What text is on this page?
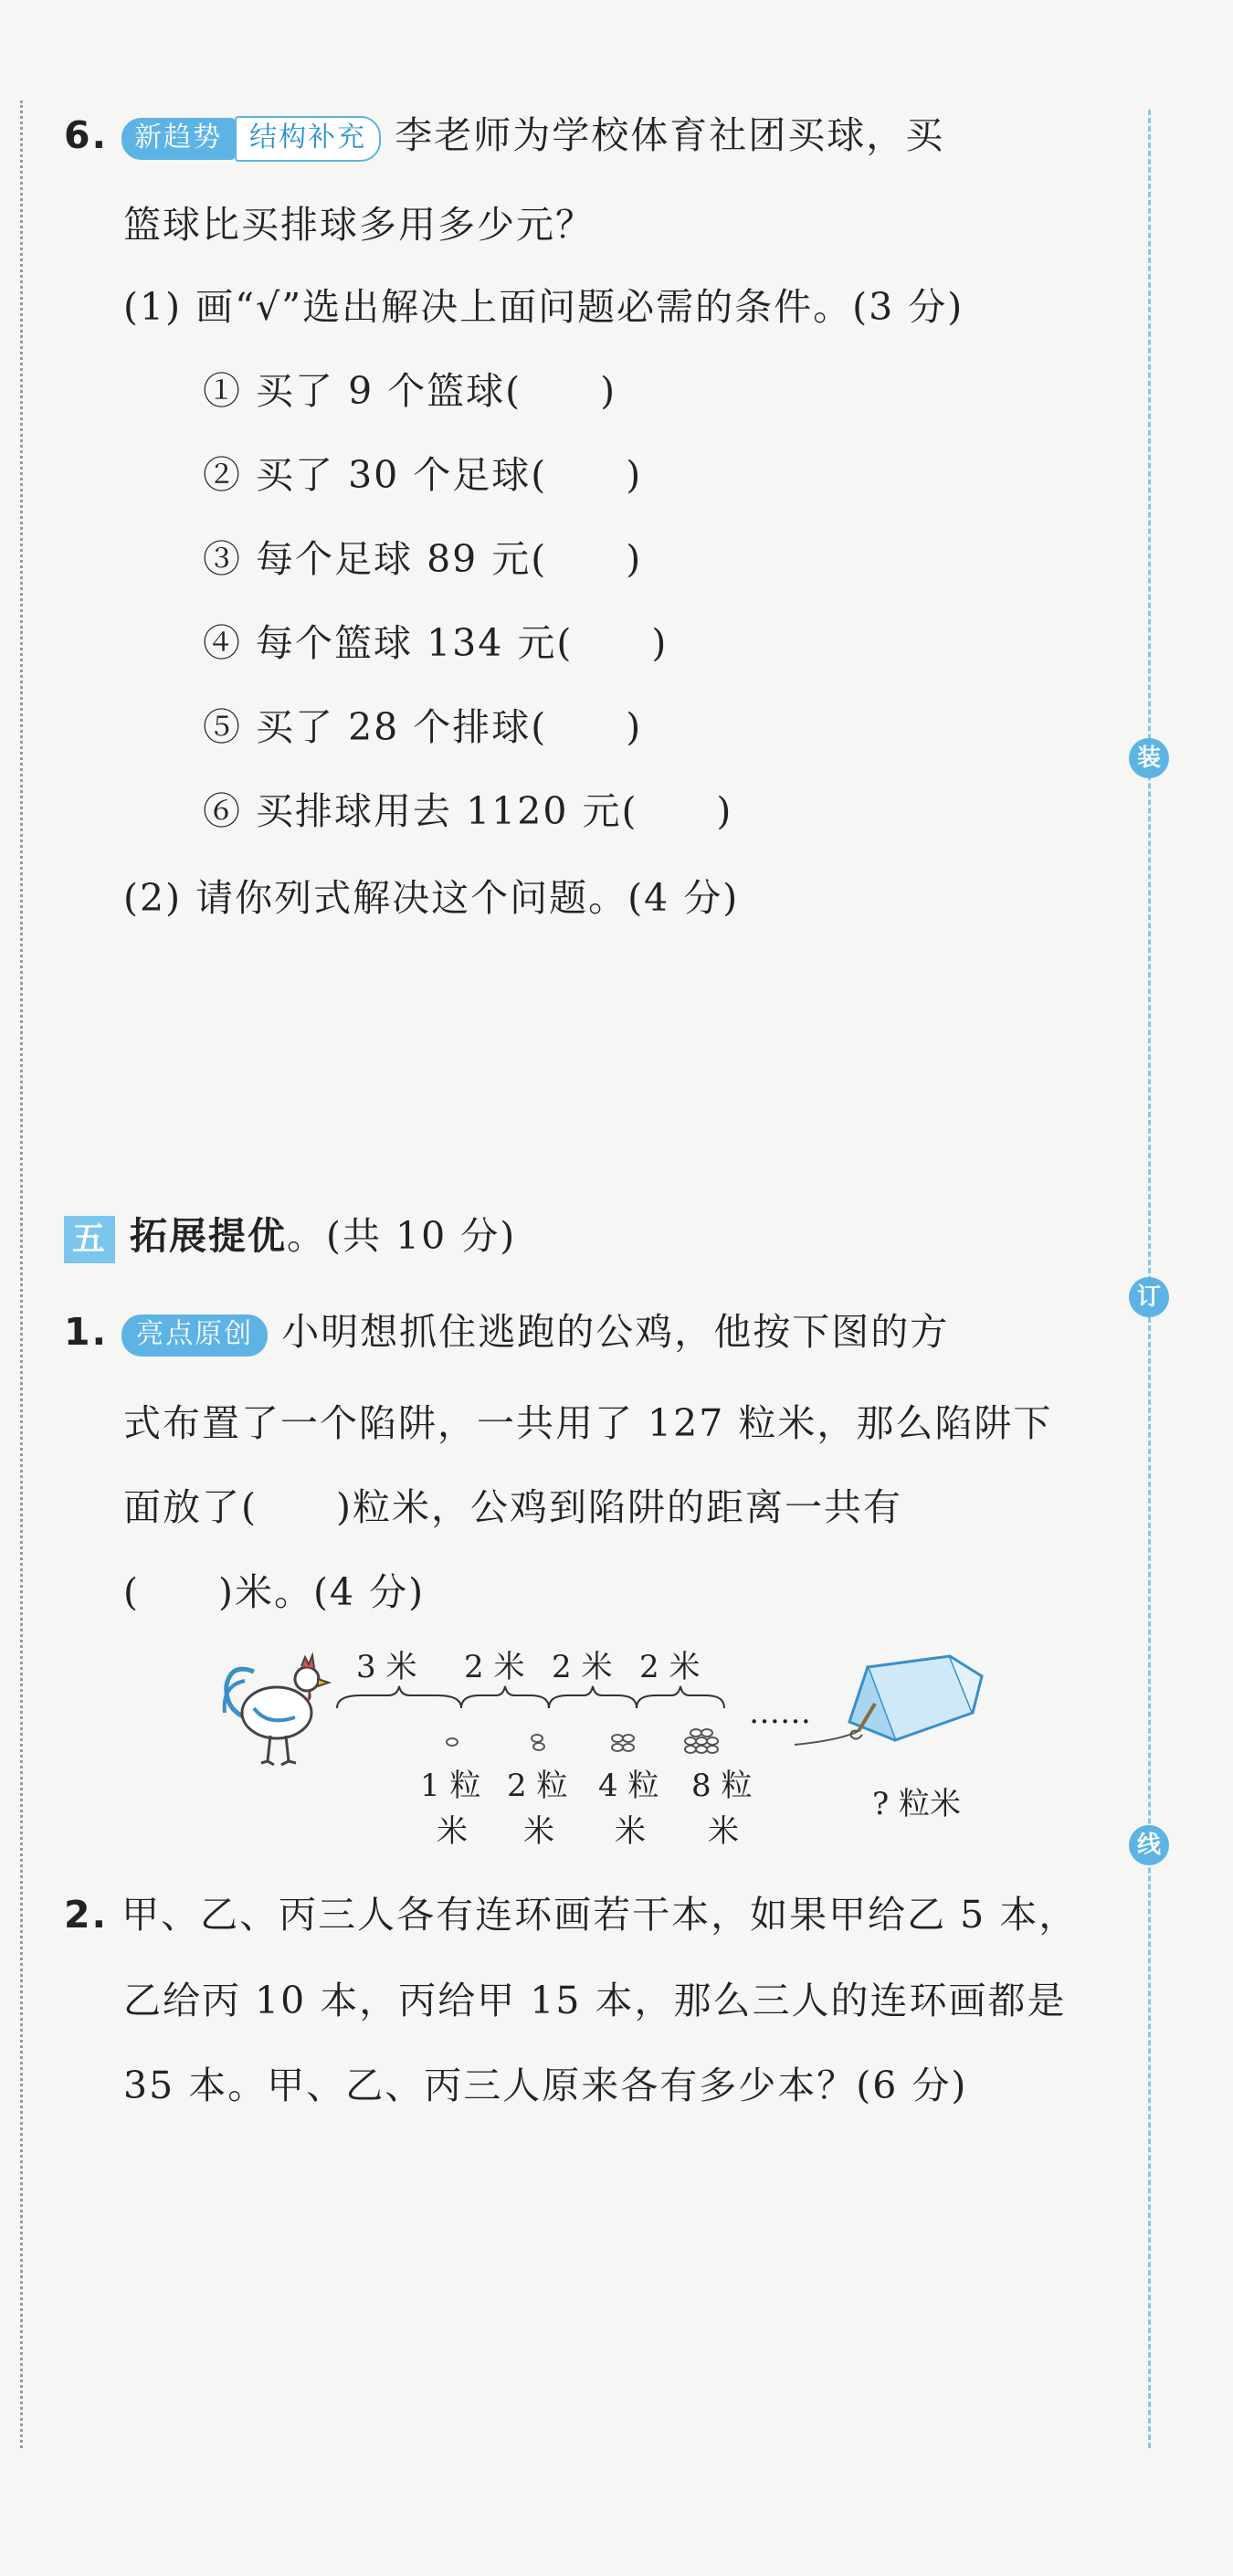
装
订
线
6. 新趋势 结构补充 李老师为学校体育社团买球，买
篮球比买排球多用多少元？
(1) 画“√”选出解决上面问题必需的条件。(3 分)
① 买了 9 个篮球(　　)
② 买了 30 个足球(　　)
③ 每个足球 89 元(　　)
④ 每个篮球 134 元(　　)
⑤ 买了 28 个排球(　　)
⑥ 买排球用去 1120 元(　　)
(2) 请你列式解决这个问题。(4 分)
五 拓展提优。(共 10 分)
1. 亮点原创 小明想抓住逃跑的公鸡，他按下图的方
式布置了一个陷阱，一共用了 127 粒米，那么陷阱下
面放了(　　)粒米，公鸡到陷阱的距离一共有
(　　)米。(4 分)
3 米 2 米 2 米 2 米
……
1 粒 2 粒 4 粒 8 粒
米 米 米 米
? 粒米
2. 甲、乙、丙三人各有连环画若干本，如果甲给乙 5 本，
乙给丙 10 本，丙给甲 15 本，那么三人的连环画都是
35 本。甲、乙、丙三人原来各有多少本？(6 分)
